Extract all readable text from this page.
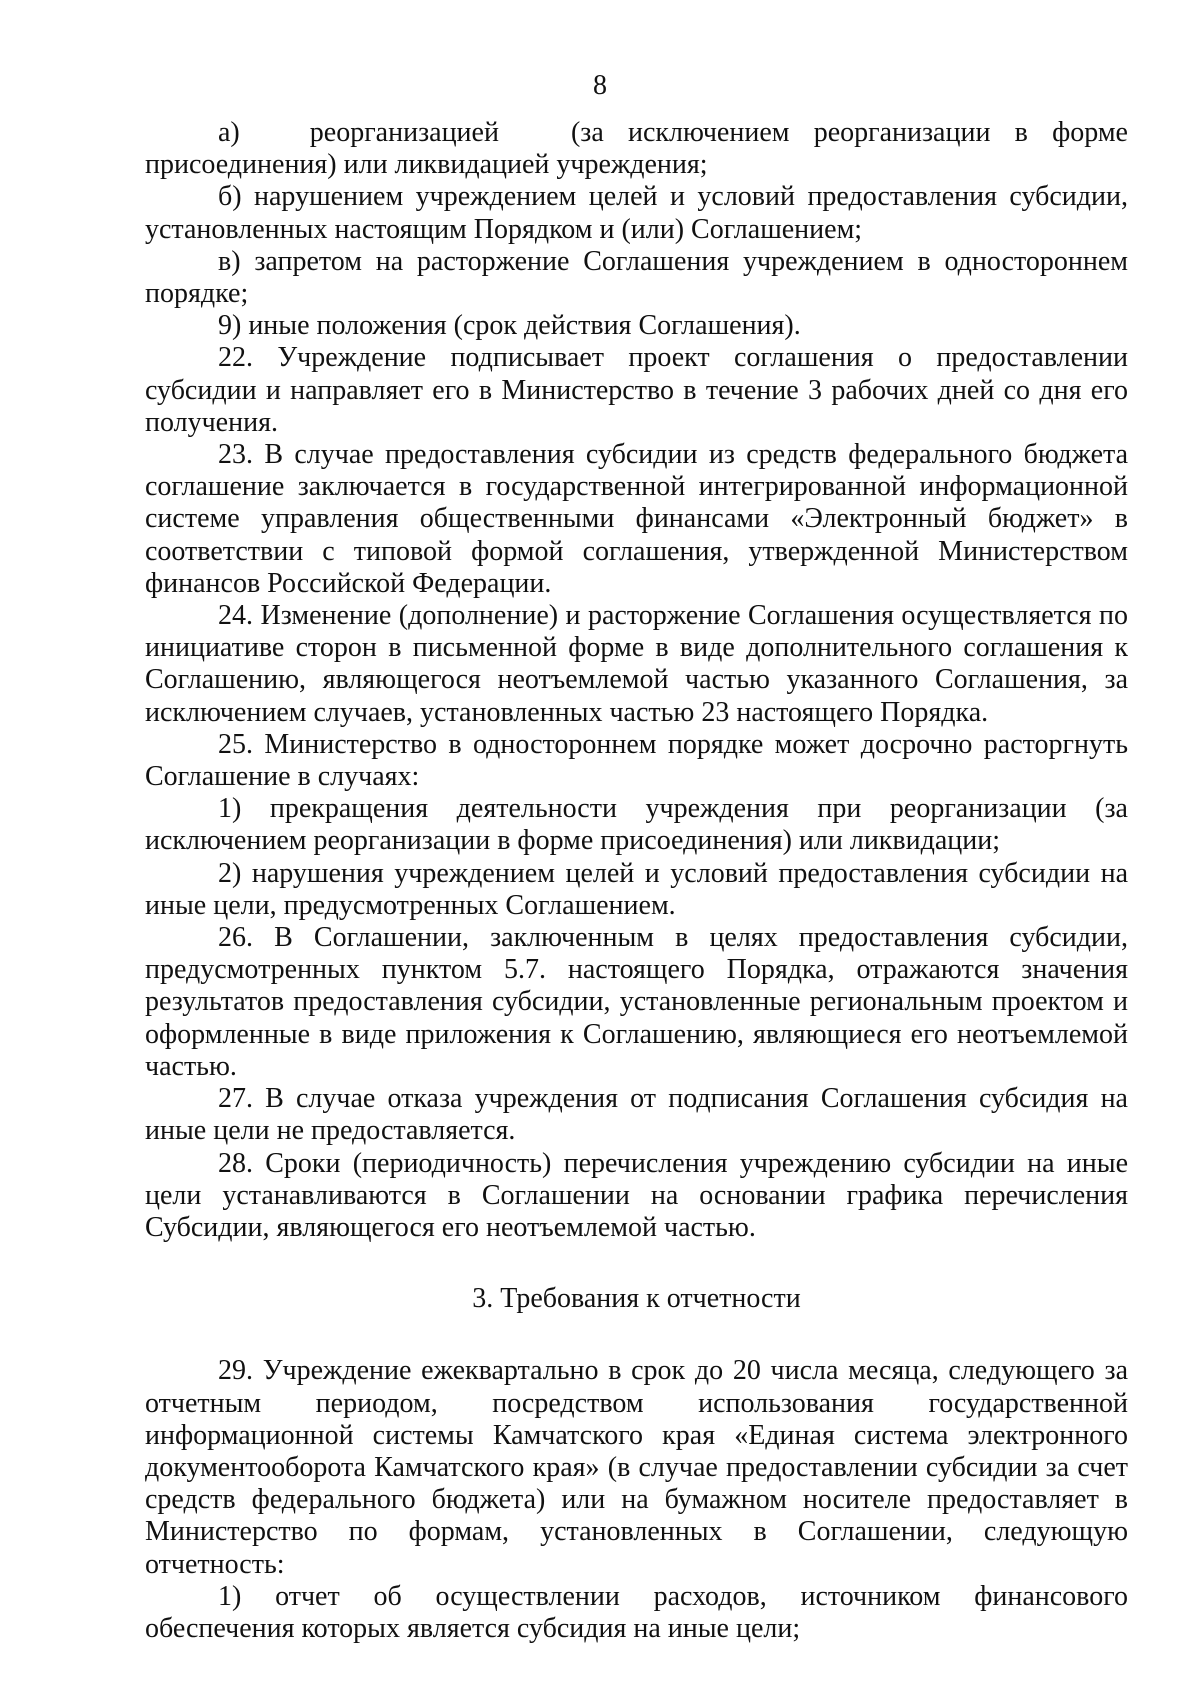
8
а)	реорганизацией	(за исключением реорганизации в форме
присоединения) или ликвидацией учреждения;

б) нарушением учреждением целей и условий предоставления субсидии, установленных настоящим Порядком и (или) Соглашением;

в) запретом на расторжение Соглашения учреждением в одностороннем порядке;

9) иные положения (срок действия Соглашения).

22. Учреждение подписывает проект соглашения о предоставлении субсидии и направляет его в Министерство в течение 3 рабочих дней со дня его получения.

23. В случае предоставления субсидии из средств федерального бюджета соглашение заключается в государственной интегрированной информационной системе управления общественными финансами «Электронный бюджет» в соответствии с типовой формой соглашения, утвержденной Министерством финансов Российской Федерации.

24. Изменение (дополнение) и расторжение Соглашения осуществляется по инициативе сторон в письменной форме в виде дополнительного соглашения к Соглашению, являющегося неотъемлемой частью указанного Соглашения, за исключением случаев, установленных частью 23 настоящего Порядка.

25. Министерство в одностороннем порядке может досрочно расторгнуть Соглашение в случаях:

1) прекращения деятельности учреждения при реорганизации (за
исключением реорганизации в форме присоединения) или ликвидации;

2) нарушения учреждением целей и условий предоставления субсидии на иные цели, предусмотренных Соглашением.

26. В Соглашении, заключенным в целях предоставления субсидии, предусмотренных пунктом 5.7. настоящего Порядка, отражаются значения результатов предоставления субсидии, установленные региональным проектом и оформленные в виде приложения к Соглашению, являющиеся его неотъемлемой частью.

27. В случае отказа учреждения от подписания Соглашения субсидия на иные цели не предоставляется.

28. Сроки (периодичность) перечисления учреждению субсидии на иные цели устанавливаются в Соглашении на основании графика перечисления Субсидии, являющегося его неотъемлемой частью.

3. Требования к отчетности

29. Учреждение ежеквартально в срок до 20 числа месяца, следующего за отчетным периодом, посредством использования государственной информационной системы Камчатского края «Единая система электронного документооборота Камчатского края» (в случае предоставлении субсидии за счет средств федерального бюджета) или на бумажном носителе предоставляет в Министерство по формам, установленных в Соглашении, следующую отчетность:

1) отчет об осуществлении расходов, источником финансового
обеспечения которых является субсидия на иные цели;
